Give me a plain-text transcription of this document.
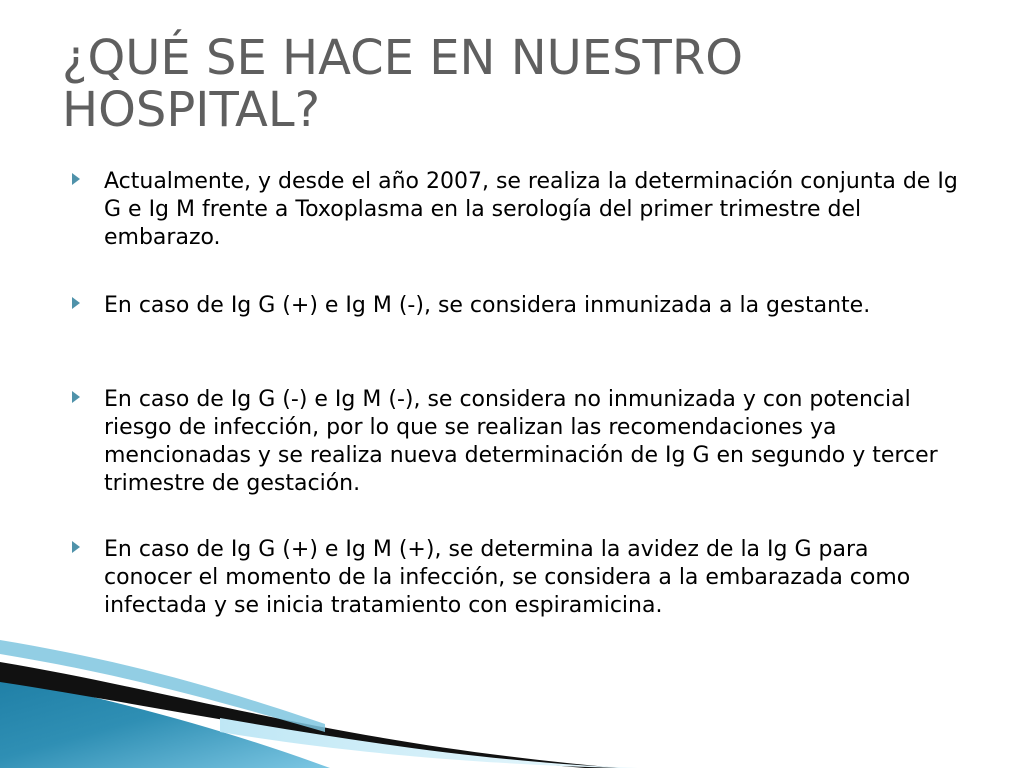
¿QUÉ SE HACE EN NUESTRO HOSPITAL?

Actualmente, y desde el año 2007, se realiza la determinación conjunta de Ig G e Ig M frente a Toxoplasma en la serología del primer trimestre del embarazo.

En caso de Ig G (+) e Ig M (-), se considera inmunizada a la gestante.

En caso de Ig G (-) e Ig M (-), se considera no inmunizada y con potencial riesgo de infección, por lo que se realizan las recomendaciones ya mencionadas y se realiza nueva determinación de Ig G en segundo y tercer trimestre de gestación.

En caso de Ig G (+) e Ig M (+), se determina la avidez de la Ig G para conocer el momento de la infección, se considera a la embarazada como infectada y se inicia tratamiento con espiramicina.
